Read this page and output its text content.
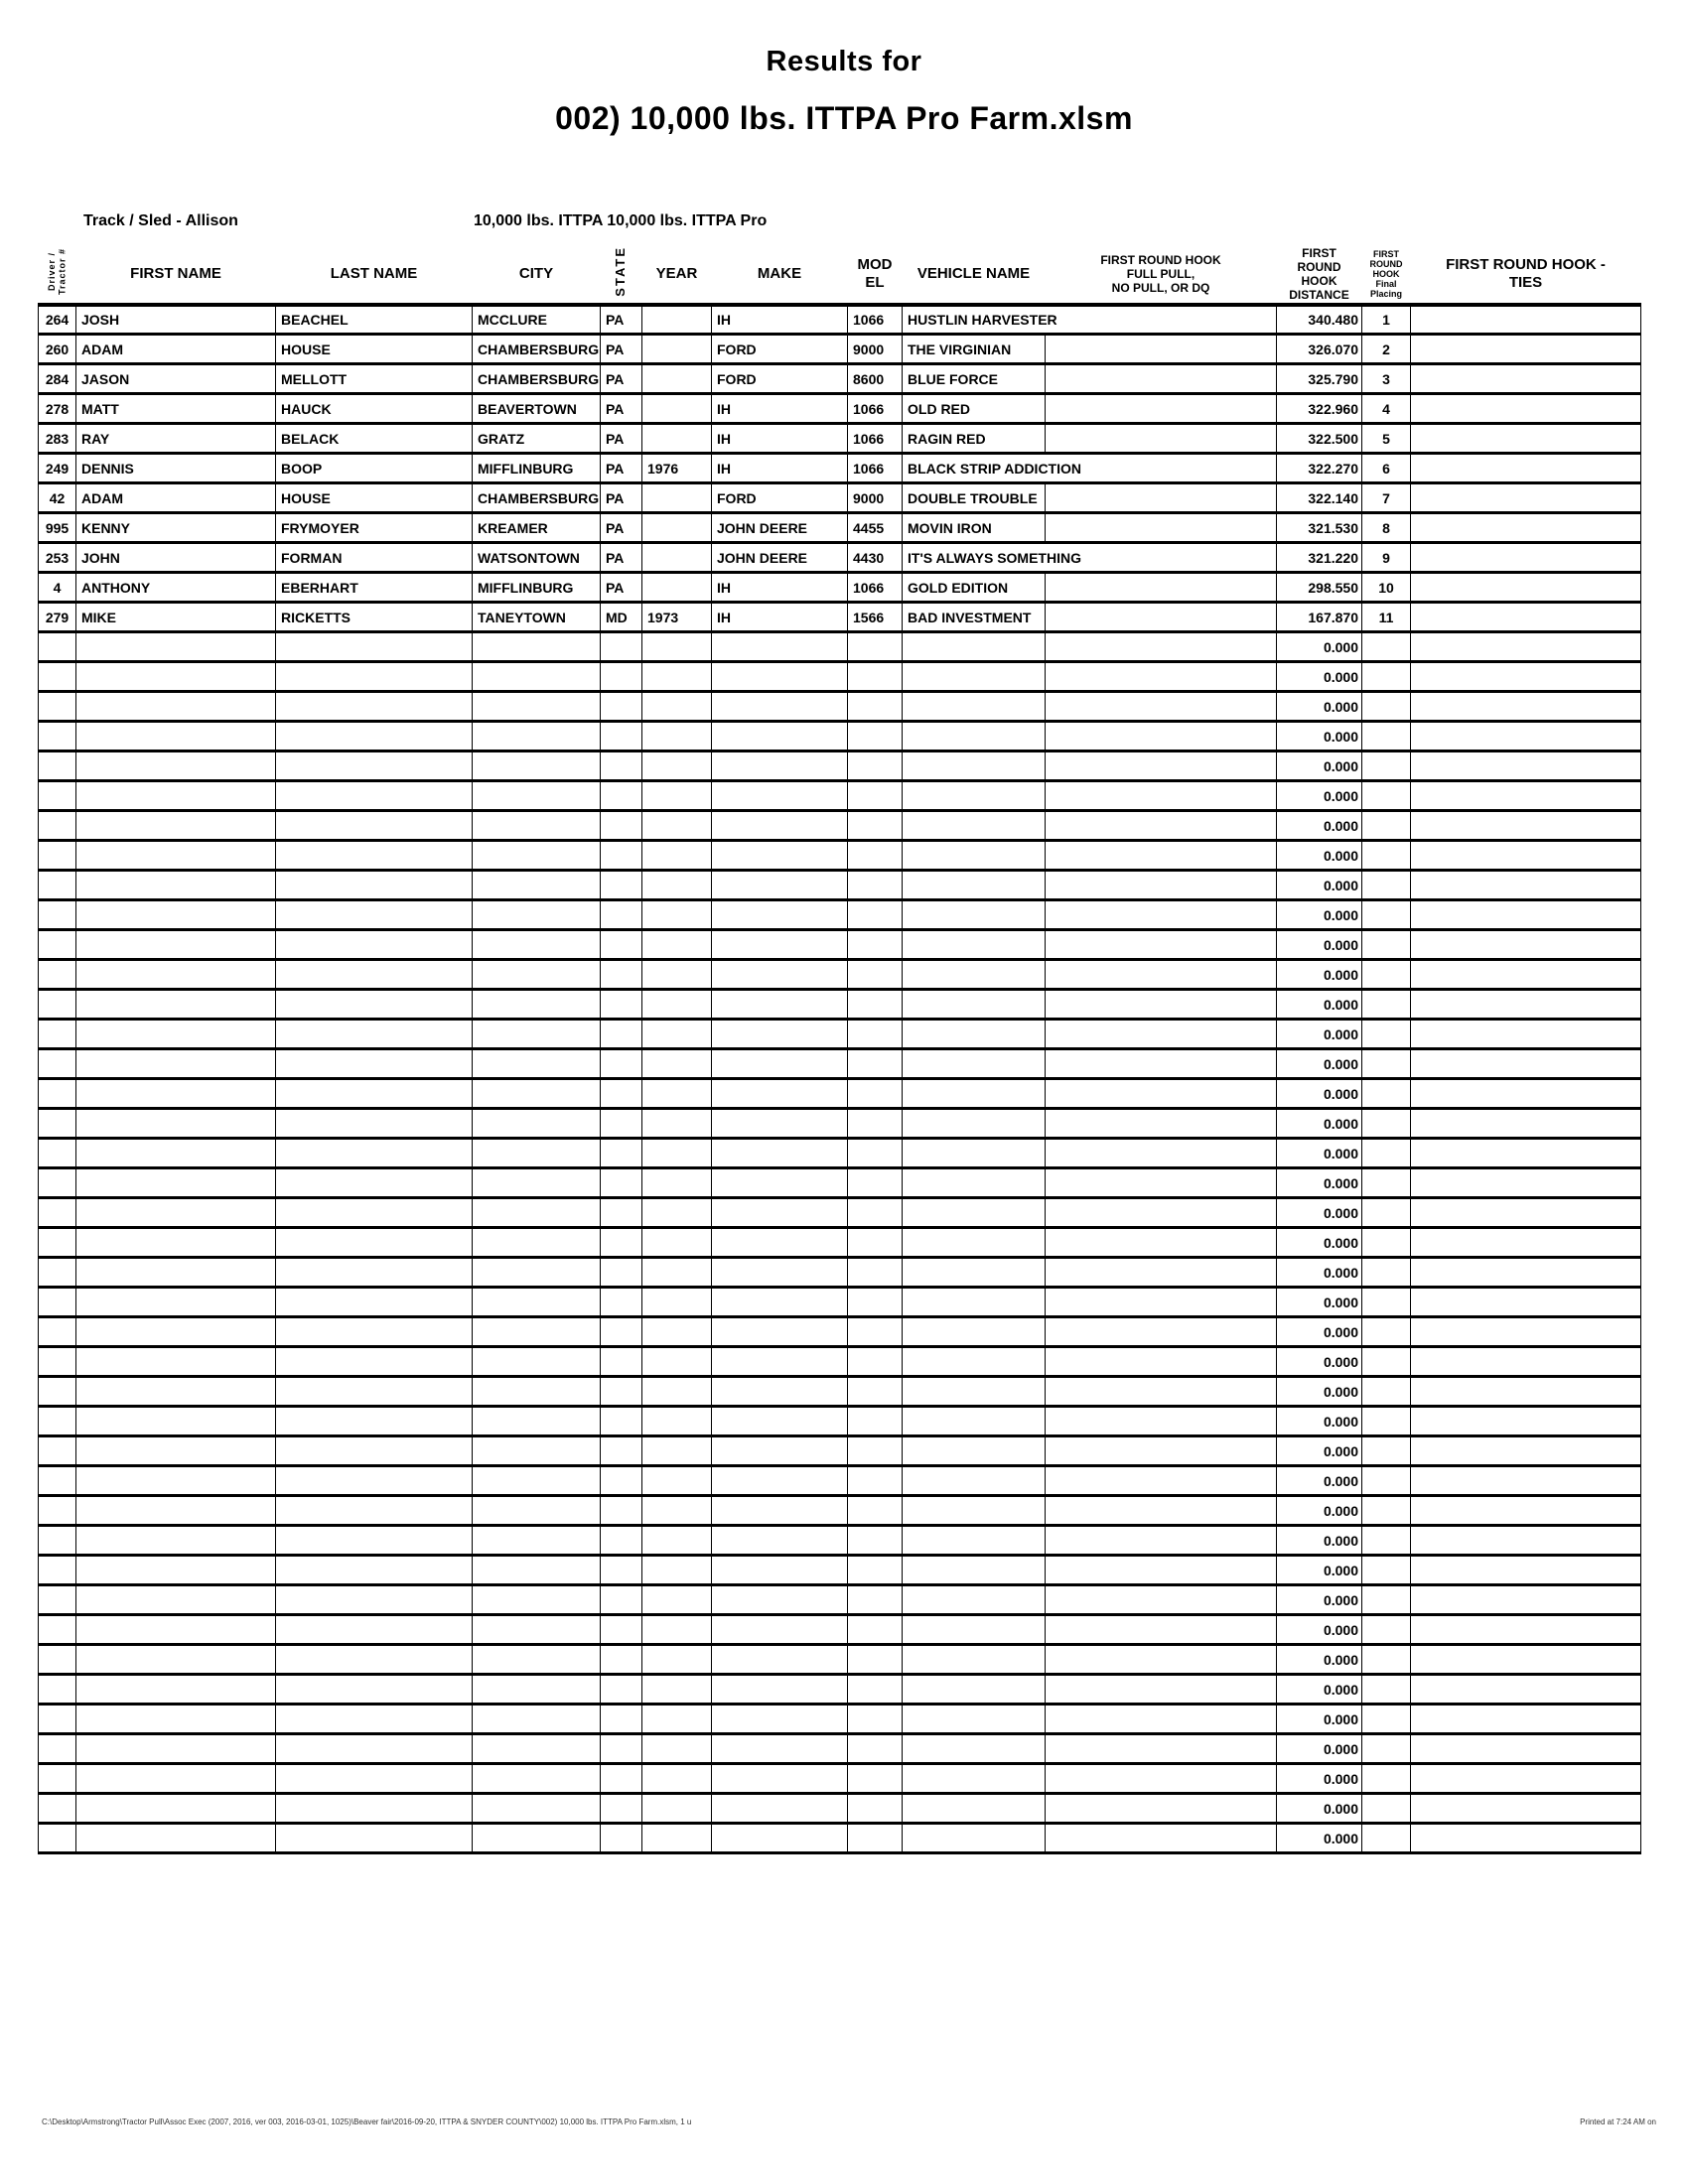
Results for
002) 10,000 lbs. ITTPA Pro Farm.xlsm
Track / Sled - Allison	10,000 lbs. ITTPA 10,000 lbs. ITTPA Pro
Driver /
Tractor #	FIRST NAME	LAST NAME	CITY	STATE	YEAR	MAKE	MOD
EL	VEHICLE NAME	FIRST ROUND HOOK
FULL PULL,
NO PULL, OR DQ	FIRST
ROUND
HOOK
DISTANCE	FIRST
ROUND
HOOK
Final
Placing	FIRST ROUND HOOK -
TIES
264	JOSH	BEACHEL	MCCLURE	PA		IH	1066	HUSTLIN HARVESTER		340.480	1	
260	ADAM	HOUSE	CHAMBERSBURG	PA		FORD	9000	THE VIRGINIAN		326.070	2	
284	JASON	MELLOTT	CHAMBERSBURG	PA		FORD	8600	BLUE FORCE		325.790	3	
278	MATT	HAUCK	BEAVERTOWN	PA		IH	1066	OLD RED		322.960	4	
283	RAY	BELACK	GRATZ	PA		IH	1066	RAGIN RED		322.500	5	
249	DENNIS	BOOP	MIFFLINBURG	PA	1976	IH	1066	BLACK STRIP ADDICTION		322.270	6	
42	ADAM	HOUSE	CHAMBERSBURG	PA		FORD	9000	DOUBLE TROUBLE		322.140	7	
995	KENNY	FRYMOYER	KREAMER	PA		JOHN DEERE	4455	MOVIN IRON		321.530	8	
253	JOHN	FORMAN	WATSONTOWN	PA		JOHN DEERE	4430	IT'S ALWAYS SOMETHING		321.220	9	
4	ANTHONY	EBERHART	MIFFLINBURG	PA		IH	1066	GOLD EDITION		298.550	10	
279	MIKE	RICKETTS	TANEYTOWN	MD	1973	IH	1566	BAD INVESTMENT		167.870	11	
										0.000		
										0.000		
										0.000		
										0.000		
										0.000		
										0.000		
										0.000		
										0.000		
										0.000		
										0.000		
										0.000		
										0.000		
										0.000		
										0.000		
										0.000		
										0.000		
										0.000		
										0.000		
										0.000		
										0.000		
										0.000		
										0.000		
										0.000		
										0.000		
										0.000		
										0.000		
										0.000		
										0.000		
										0.000		
										0.000		
										0.000		
										0.000		
										0.000		
										0.000		
										0.000		
										0.000		
										0.000		
										0.000		
										0.000		
										0.000		
										0.000		
C:\Desktop\Armstrong\Tractor Pull\Assoc Exec (2007, 2016, ver 003, 2016-03-01, 1025)\Beaver fair\2016-09-20, ITTPA & SNYDER COUNTY\002) 10,000 lbs. ITTPA Pro Farm.xlsm, 1 u	Printed at 7:24 AM on
